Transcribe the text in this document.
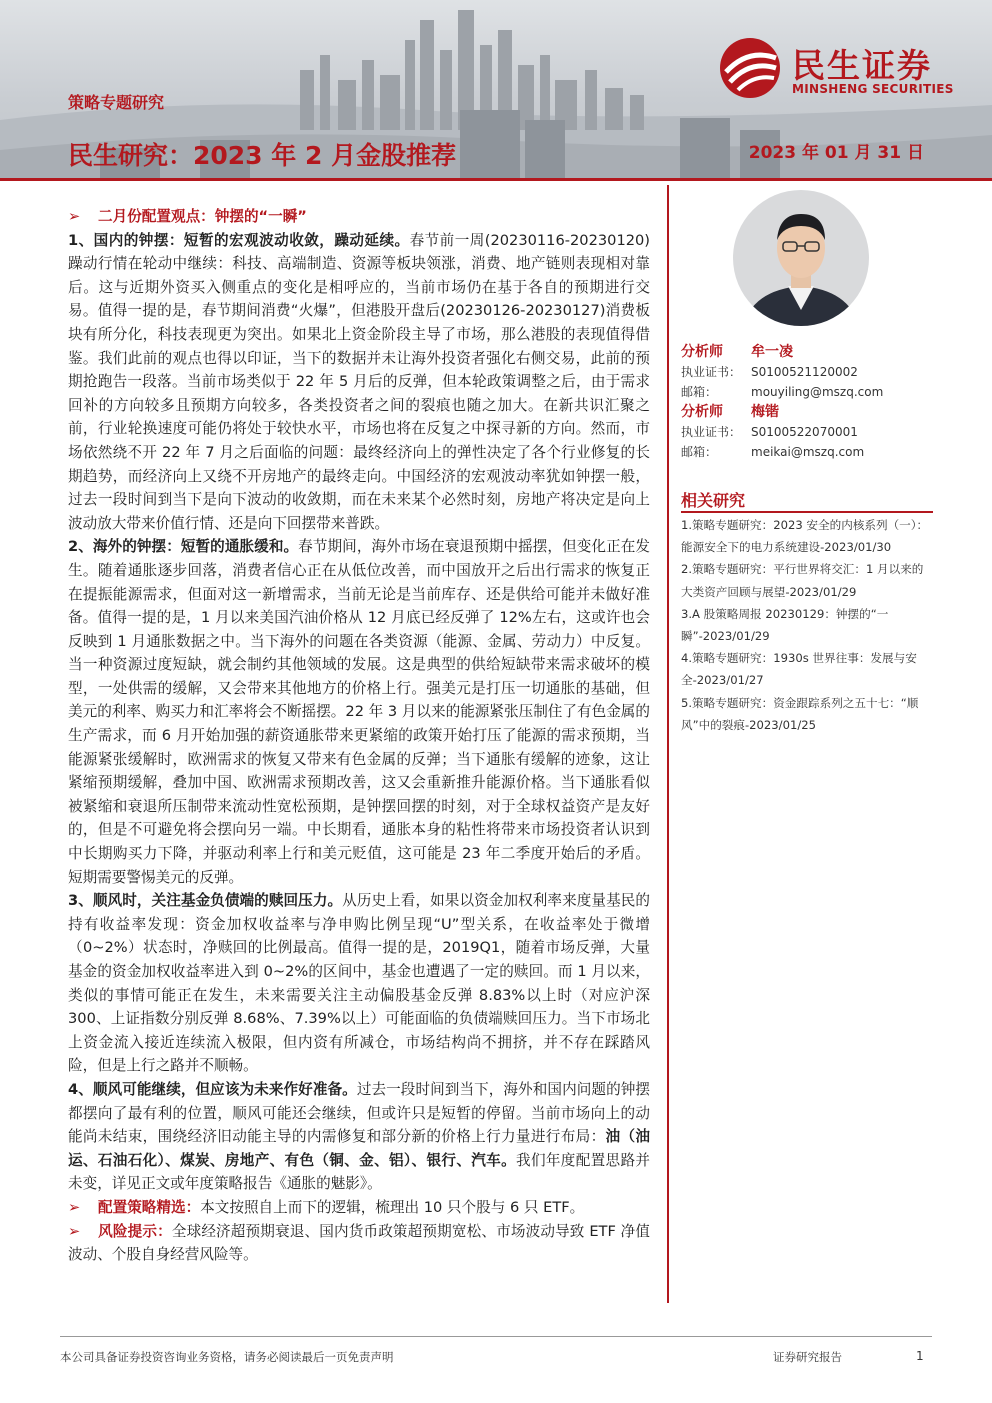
策略专题研究
民生研究：2023 年 2 月金股推荐	2023 年 01 月 31 日
民生证券
MINSHENG SECURITIES

➢ 二月份配置观点：钟摆的“一瞬”

1、国内的钟摆：短暂的宏观波动收敛，躁动延续。春节前一周(20230116-20230120)躁动行情在轮动中继续：科技、高端制造、资源等板块领涨，消费、地产链则表现相对靠后。这与近期外资买入侧重点的变化是相呼应的，当前市场仍在基于各自的预期进行交易。值得一提的是，春节期间消费“火爆”，但港股开盘后(20230126-20230127)消费板块有所分化，科技表现更为突出。如果北上资金阶段主导了市场，那么港股的表现值得借鉴。我们此前的观点也得以印证，当下的数据并未让海外投资者强化右侧交易，此前的预期抢跑告一段落。当前市场类似于 22 年 5 月后的反弹，但本轮政策调整之后，由于需求回补的方向较多且预期方向较多，各类投资者之间的裂痕也随之加大。在新共识汇聚之前，行业轮换速度可能仍将处于较快水平，市场也将在反复之中探寻新的方向。然而，市场依然绕不开 22 年 7 月之后面临的问题：最终经济向上的弹性决定了各个行业修复的长期趋势，而经济向上又绕不开房地产的最终走向。中国经济的宏观波动率犹如钟摆一般，过去一段时间到当下是向下波动的收敛期，而在未来某个必然时刻，房地产将决定是向上波动放大带来价值行情、还是向下回摆带来普跌。

2、海外的钟摆：短暂的通胀缓和。春节期间，海外市场在衰退预期中摇摆，但变化正在发生。随着通胀逐步回落，消费者信心正在从低位改善，而中国放开之后出行需求的恢复正在提振能源需求，但面对这一新增需求，当前无论是当前库存、还是供给可能并未做好准备。值得一提的是，1 月以来美国汽油价格从 12 月底已经反弹了 12%左右，这或许也会反映到 1 月通胀数据之中。当下海外的问题在各类资源（能源、金属、劳动力）中反复。当一种资源过度短缺，就会制约其他领域的发展。这是典型的供给短缺带来需求破坏的模型，一处供需的缓解，又会带来其他地方的价格上行。强美元是打压一切通胀的基础，但美元的利率、购买力和汇率将会不断摇摆。22 年 3 月以来的能源紧张压制住了有色金属的生产需求，而 6 月开始加强的薪资通胀带来更紧缩的政策开始打压了能源的需求预期，当能源紧张缓解时，欧洲需求的恢复又带来有色金属的反弹；当下通胀有缓解的迹象，这让紧缩预期缓解，叠加中国、欧洲需求预期改善，这又会重新推升能源价格。当下通胀看似被紧缩和衰退所压制带来流动性宽松预期，是钟摆回摆的时刻，对于全球权益资产是友好的，但是不可避免将会摆向另一端。中长期看，通胀本身的粘性将带来市场投资者认识到中长期购买力下降，并驱动利率上行和美元贬值，这可能是 23 年二季度开始后的矛盾。短期需要警惕美元的反弹。

3、顺风时，关注基金负债端的赎回压力。从历史上看，如果以资金加权利率来度量基民的持有收益率发现：资金加权收益率与净申购比例呈现“U”型关系，在收益率处于微增（0~2%）状态时，净赎回的比例最高。值得一提的是，2019Q1，随着市场反弹，大量基金的资金加权收益率进入到 0~2%的区间中，基金也遭遇了一定的赎回。而 1 月以来，类似的事情可能正在发生，未来需要关注主动偏股基金反弹 8.83%以上时（对应沪深 300、上证指数分别反弹 8.68%、7.39%以上）可能面临的负债端赎回压力。当下市场北上资金流入接近连续流入极限，但内资有所减仓，市场结构尚不拥挤，并不存在踩踏风险，但是上行之路并不顺畅。

4、顺风可能继续，但应该为未来作好准备。过去一段时间到当下，海外和国内问题的钟摆都摆向了最有利的位置，顺风可能还会继续，但或许只是短暂的停留。当前市场向上的动能尚未结束，围绕经济旧动能主导的内需修复和部分新的价格上行力量进行布局：油（油运、石油石化）、煤炭、房地产、有色（铜、金、铝）、银行、汽车。我们年度配置思路并未变，详见正文或年度策略报告《通胀的魅影》。

➢ 配置策略精选：本文按照自上而下的逻辑，梳理出 10 只个股与 6 只 ETF。

➢ 风险提示：全球经济超预期衰退、国内货币政策超预期宽松、市场波动导致 ETF 净值波动、个股自身经营风险等。

分析师 牟一凌
执业证书： S0100521120002
邮箱：	mouyiling@mszq.com
分析师 梅锴
执业证书： S0100522070001
邮箱：	meikai@mszq.com
相关研究
1.策略专题研究：2023 安全的内核系列（一）：能源安全下的电力系统建设-2023/01/30
2.策略专题研究：平行世界将交汇：1 月以来的大类资产回顾与展望-2023/01/29
3.A 股策略周报 20230129：钟摆的“一瞬”-2023/01/29
4.策略专题研究：1930s 世界往事：发展与安全-2023/01/27
5.策略专题研究：资金跟踪系列之五十七：“顺风”中的裂痕-2023/01/25
本公司具备证券投资咨询业务资格，请务必阅读最后一页免责声明	证券研究报告	1
